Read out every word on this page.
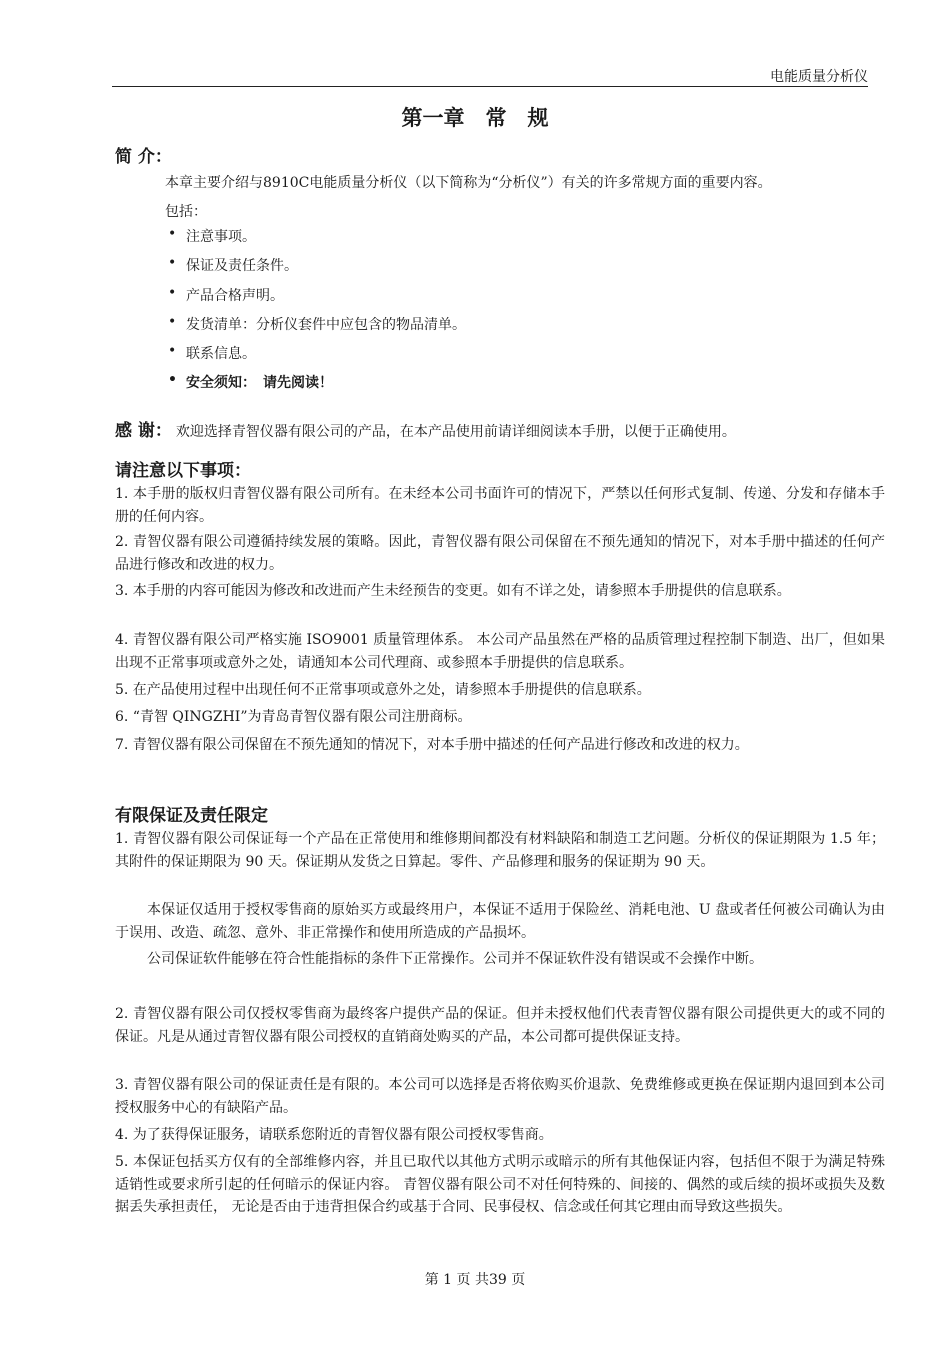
电能质量分析仪
第一章　常　规
简 介：
本章主要介绍与8910C电能质量分析仪（以下简称为“分析仪”）有关的许多常规方面的重要内容。
包括：
• 注意事项。
• 保证及责任条件。
• 产品合格声明。
• 发货清单：分析仪套件中应包含的物品清单。
• 联系信息。
• 安全须知：　请先阅读！
感 谢： 欢迎选择青智仪器有限公司的产品，在本产品使用前请详细阅读本手册，以便于正确使用。
请注意以下事项：
1. 本手册的版权归青智仪器有限公司所有。在未经本公司书面许可的情况下，严禁以任何形式复制、传递、分发和存储本手册的任何内容。
2. 青智仪器有限公司遵循持续发展的策略。因此，青智仪器有限公司保留在不预先通知的情况下，对本手册中描述的任何产品进行修改和改进的权力。
3. 本手册的内容可能因为修改和改进而产生未经预告的变更。如有不详之处，请参照本手册提供的信息联系。
4. 青智仪器有限公司严格实施 ISO9001 质量管理体系。 本公司产品虽然在严格的品质管理过程控制下制造、出厂，但如果出现不正常事项或意外之处，请通知本公司代理商、或参照本手册提供的信息联系。
5. 在产品使用过程中出现任何不正常事项或意外之处，请参照本手册提供的信息联系。
6. “青智 QINGZHI”为青岛青智仪器有限公司注册商标。
7. 青智仪器有限公司保留在不预先通知的情况下，对本手册中描述的任何产品进行修改和改进的权力。
有限保证及责任限定
1. 青智仪器有限公司保证每一个产品在正常使用和维修期间都没有材料缺陷和制造工艺问题。分析仪的保证期限为 1.5 年；其附件的保证期限为 90 天。保证期从发货之日算起。零件、产品修理和服务的保证期为 90 天。
本保证仅适用于授权零售商的原始买方或最终用户，本保证不适用于保险丝、消耗电池、U 盘或者任何被公司确认为由于误用、改造、疏忽、意外、非正常操作和使用所造成的产品损坏。
公司保证软件能够在符合性能指标的条件下正常操作。公司并不保证软件没有错误或不会操作中断。
2. 青智仪器有限公司仅授权零售商为最终客户提供产品的保证。但并未授权他们代表青智仪器有限公司提供更大的或不同的保证。凡是从通过青智仪器有限公司授权的直销商处购买的产品，本公司都可提供保证支持。
3. 青智仪器有限公司的保证责任是有限的。本公司可以选择是否将依购买价退款、免费维修或更换在保证期内退回到本公司授权服务中心的有缺陷产品。
4. 为了获得保证服务，请联系您附近的青智仪器有限公司授权零售商。
5. 本保证包括买方仅有的全部维修内容，并且已取代以其他方式明示或暗示的所有其他保证内容，包括但不限于为满足特殊适销性或要求所引起的任何暗示的保证内容。 青智仪器有限公司不对任何特殊的、间接的、偶然的或后续的损坏或损失及数据丢失承担责任， 无论是否由于违背担保合约或基于合同、民事侵权、信念或任何其它理由而导致这些损失。
第 1 页 共39 页
